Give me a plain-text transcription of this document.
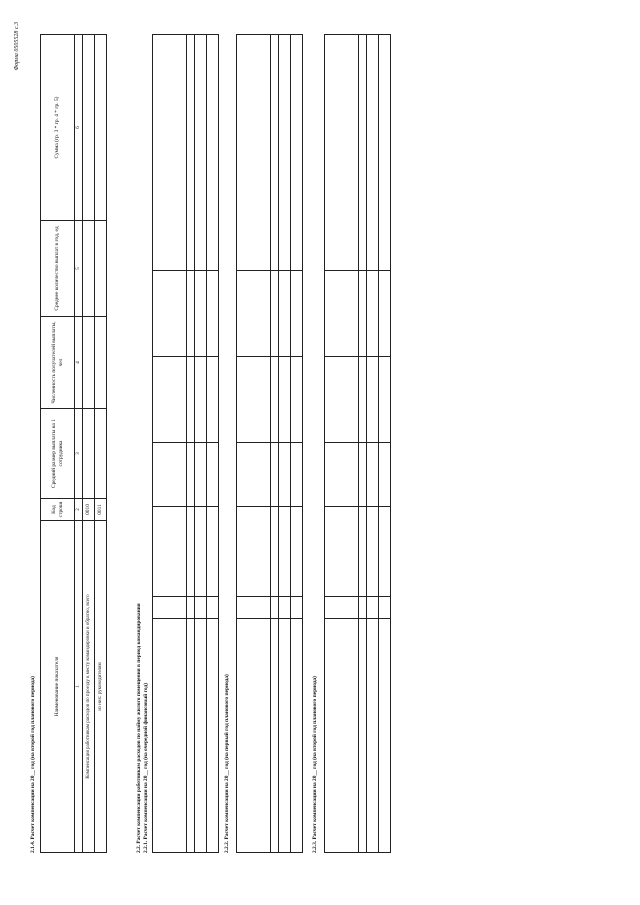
Форма 0505528 с.3
2.1.4. Расчет компенсации на 20__ год (на второй год планового периода)	Наименование показателя	Код строки	Средний размер выплаты на 1 сотрудника	Численность получателей выплаты, чел	Среднее количество выплат в год, ед	Сумма (гр. 3 * гр. 4 * гр. 5)
1	2	3	4	5	6
Компенсация работникам расходов по проезду к месту командировки и обратно, всего	0010				
из них: руководителям	0011				
2.2. Расчет компенсации работникам расходов по найму жилого помещения в период командирования 2.2.1. Расчет компенсации на 20__ год (на очередной финансовый год)

							2.2.2. Расчет компенсации на 20__ год (на первый год планового периода)

							2.2.3. Расчет компенсации на 20__ год (на второй год планового периода)
